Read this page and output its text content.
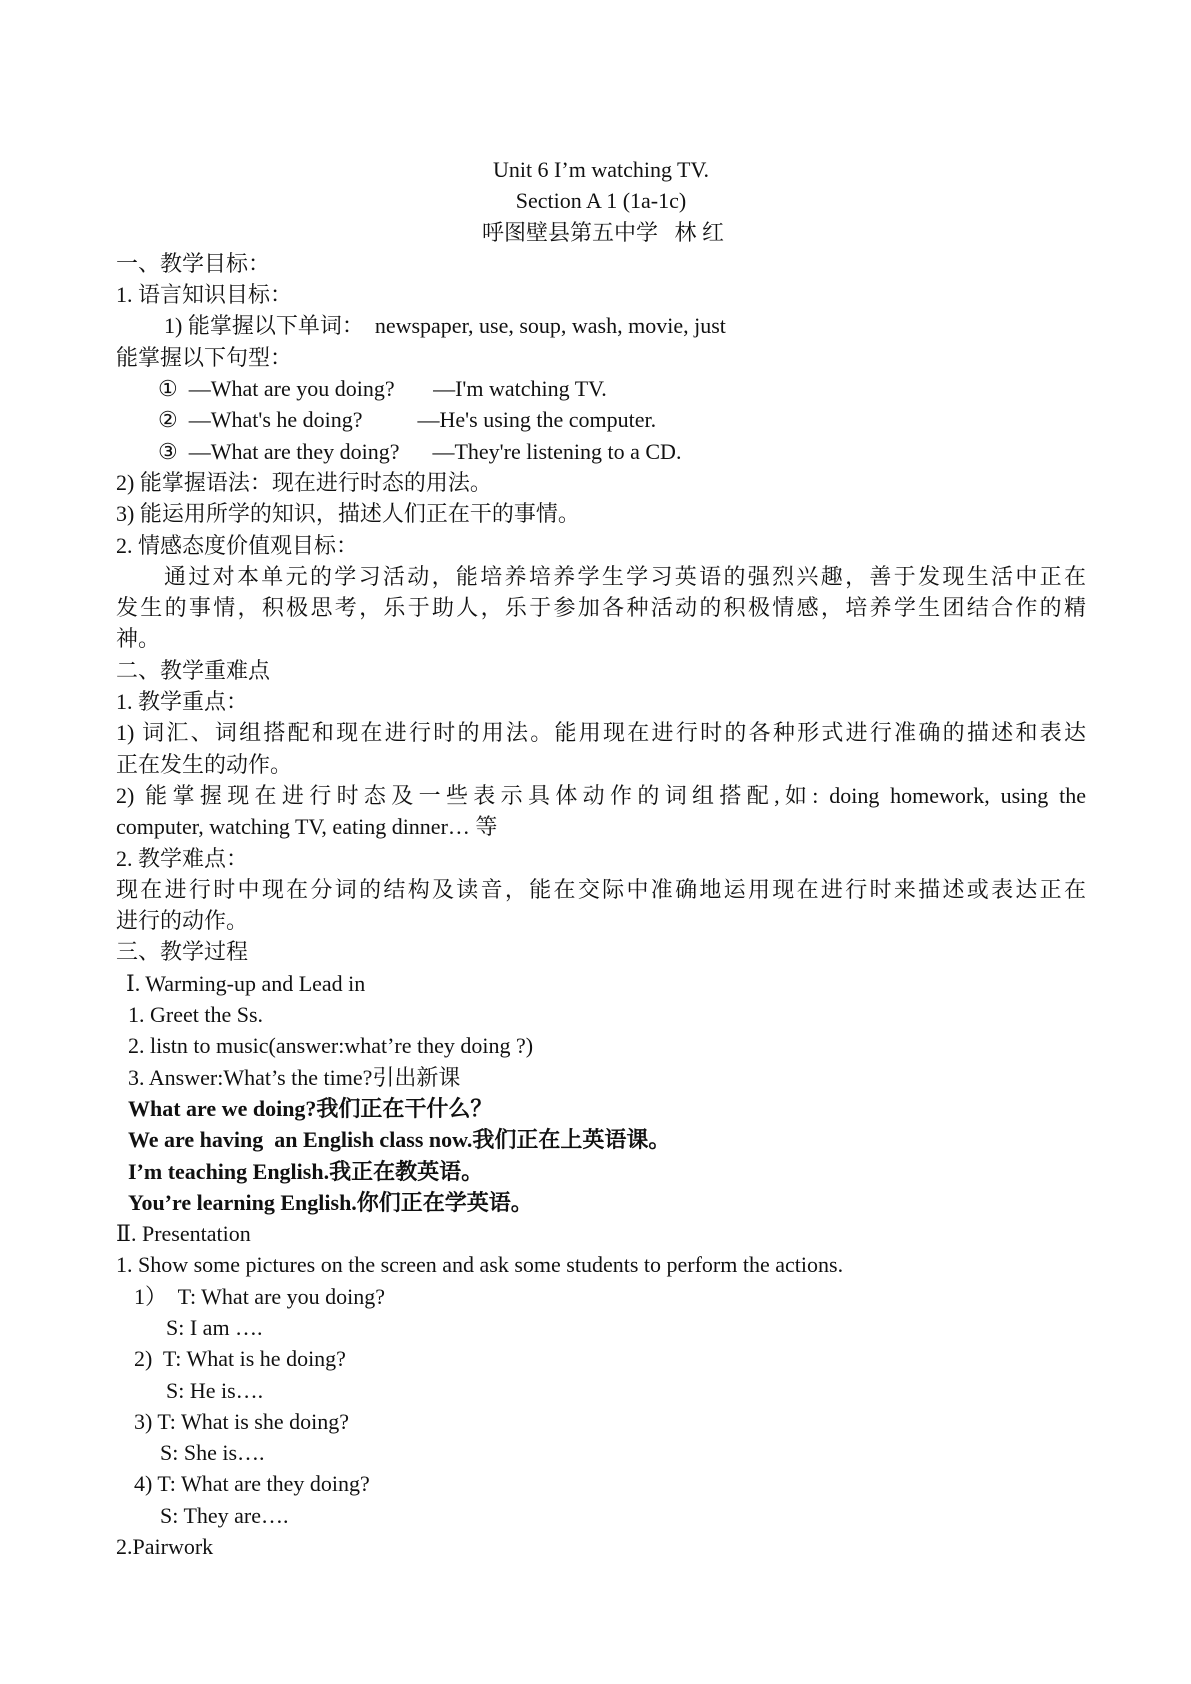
Unit 6 I’m watching TV.
Section A 1 (1a-1c)
呼图壁县第五中学   林 红
一、教学目标：
1. 语言知识目标：
1) 能掌握以下单词：  newspaper, use, soup, wash, movie, just
能掌握以下句型：
①  —What are you doing?       —I'm watching TV.
②  —What's he doing?          —He's using the computer.
③  —What are they doing?      —They're listening to a CD.
2) 能掌握语法：现在进行时态的用法。
3) 能运用所学的知识，描述人们正在干的事情。
2. 情感态度价值观目标：
通过对本单元的学习活动，能培养培养学生学习英语的强烈兴趣，善于发现生活中正在
发生的事情，积极思考，乐于助人，乐于参加各种活动的积极情感，培养学生团结合作的精
神。
二、教学重难点
1. 教学重点：
1) 词汇、词组搭配和现在进行时的用法。能用现在进行时的各种形式进行准确的描述和表达
正在发生的动作。
2) 能掌握现在进行时态及一些表示具体动作的词组搭配,如: doing homework, using the
computer, watching TV, eating dinner… 等
2. 教学难点：
现在进行时中现在分词的结构及读音，能在交际中准确地运用现在进行时来描述或表达正在
进行的动作。
三、教学过程
Ⅰ. Warming-up and Lead in
1. Greet the Ss.
2. listn to music(answer:what’re they doing ?)
3. Answer:What’s the time?引出新课
What are we doing?我们正在干什么？
We are having  an English class now.我们正在上英语课。
I’m teaching English.我正在教英语。
You’re learning English.你们正在学英语。
Ⅱ. Presentation
1. Show some pictures on the screen and ask some students to perform the actions.
1）  T: What are you doing?
S: I am ….
2)  T: What is he doing?
S: He is….
3) T: What is she doing?
S: She is….
4) T: What are they doing?
S: They are….
2.Pairwork
